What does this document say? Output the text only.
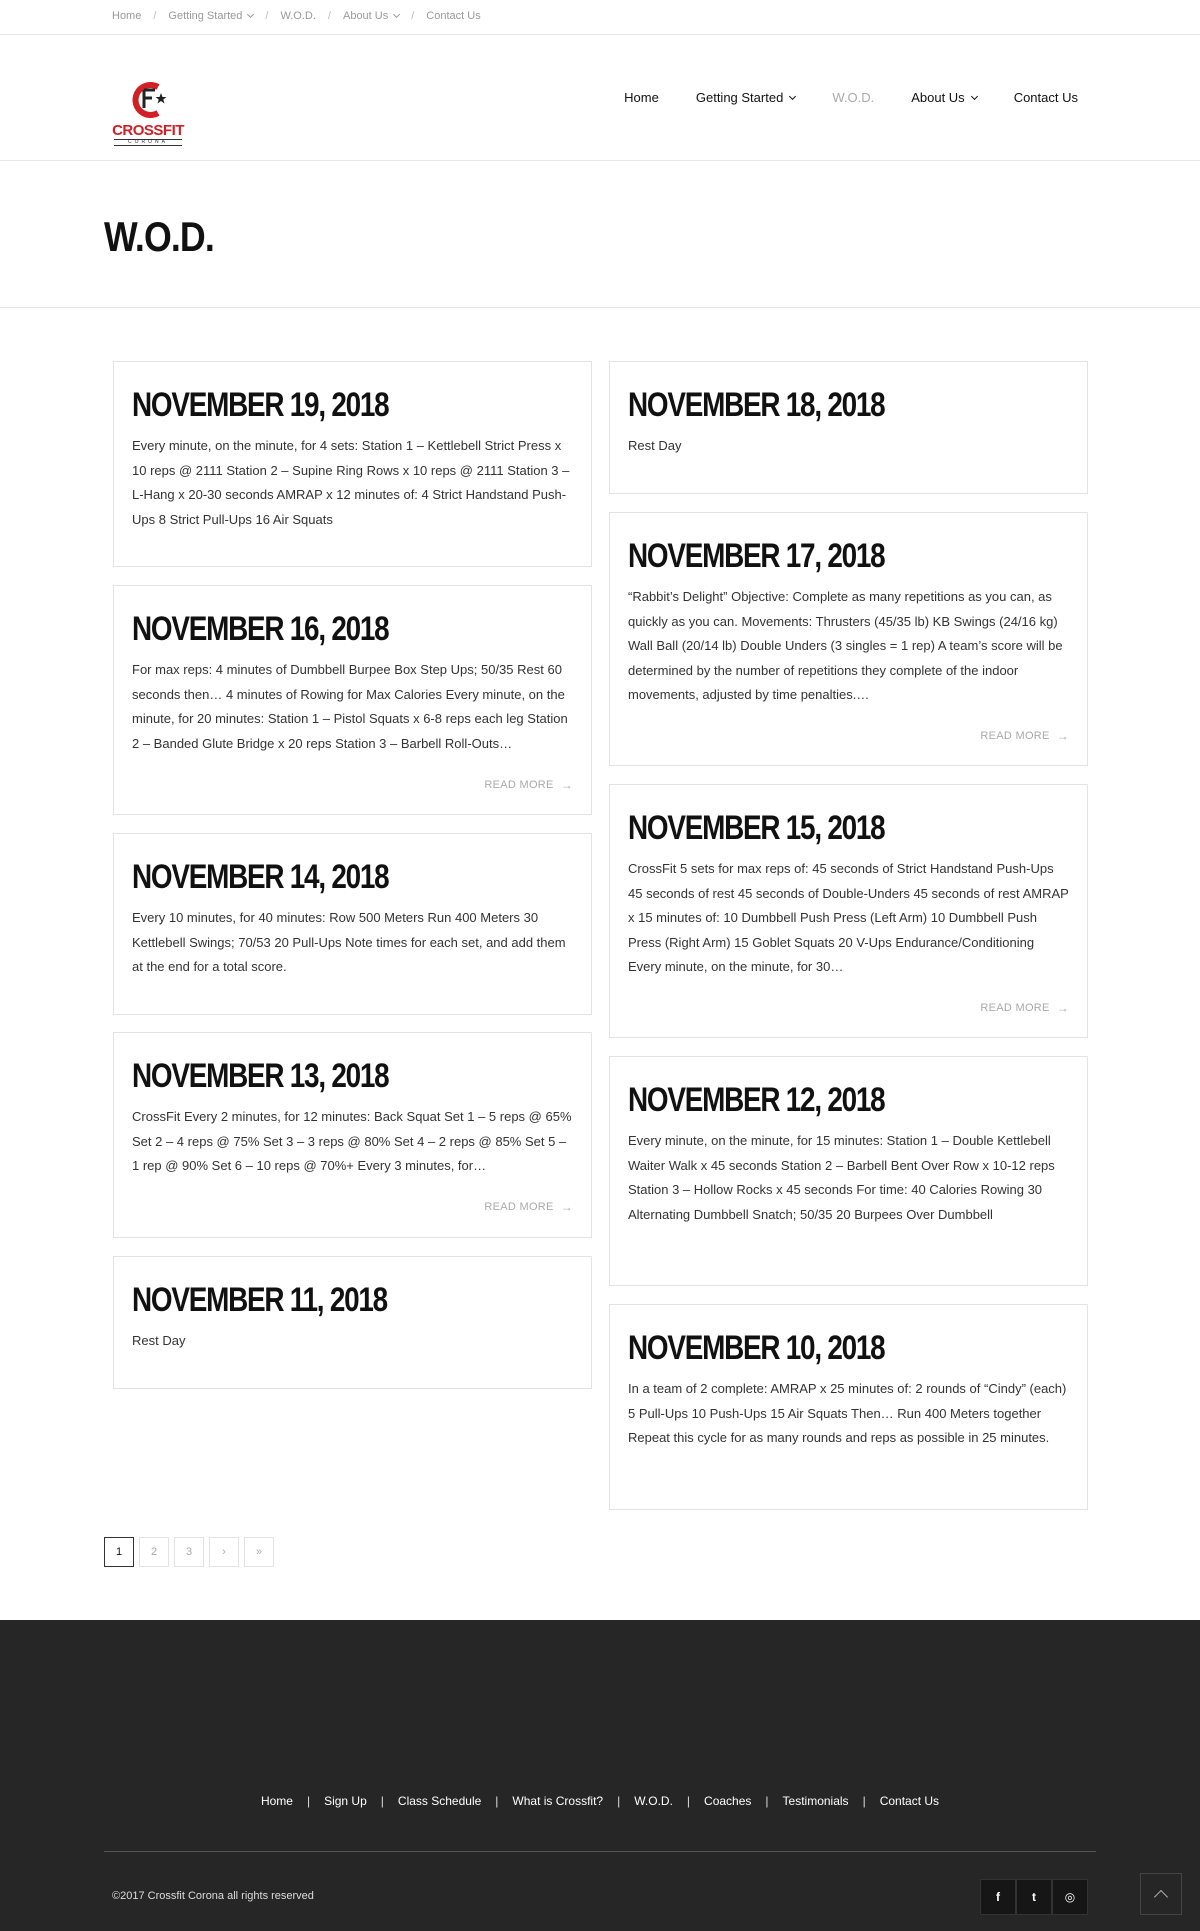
Home / Getting Started / W.O.D. / About Us / Contact Us
CROSSFIT
CORONA
Home	Getting Started	W.O.D.	About Us	Contact Us
W.O.D.
NOVEMBER 19, 2018

Every minute, on the minute, for 4 sets: Station 1 – Kettlebell Strict Press x 10 reps @ 2111 Station 2 – Supine Ring Rows x 10 reps @ 2111 Station 3 – L-Hang x 20-30 seconds AMRAP x 12 minutes of: 4 Strict Handstand Push-Ups 8 Strict Pull-Ups 16 Air Squats

NOVEMBER 16, 2018

For max reps: 4 minutes of Dumbbell Burpee Box Step Ups; 50/35 Rest 60 seconds then… 4 minutes of Rowing for Max Calories Every minute, on the minute, for 20 minutes: Station 1 – Pistol Squats x 6-8 reps each leg Station 2 – Banded Glute Bridge x 20 reps Station 3 – Barbell Roll-Outs…

READ MORE →
NOVEMBER 14, 2018

Every 10 minutes, for 40 minutes: Row 500 Meters Run 400 Meters 30 Kettlebell Swings; 70/53 20 Pull-Ups Note times for each set, and add them at the end for a total score.

NOVEMBER 13, 2018

CrossFit Every 2 minutes, for 12 minutes: Back Squat Set 1 – 5 reps @ 65% Set 2 – 4 reps @ 75% Set 3 – 3 reps @ 80% Set 4 – 2 reps @ 85% Set 5 – 1 rep @ 90% Set 6 – 10 reps @ 70%+ Every 3 minutes, for…

READ MORE →
NOVEMBER 11, 2018

Rest Day

NOVEMBER 18, 2018

Rest Day

NOVEMBER 17, 2018

“Rabbit’s Delight” Objective: Complete as many repetitions as you can, as quickly as you can. Movements: Thrusters (45/35 lb) KB Swings (24/16 kg) Wall Ball (20/14 lb) Double Unders (3 singles = 1 rep) A team’s score will be determined by the number of repetitions they complete of the indoor movements, adjusted by time penalties.…

READ MORE →
NOVEMBER 15, 2018

CrossFit 5 sets for max reps of: 45 seconds of Strict Handstand Push-Ups 45 seconds of rest 45 seconds of Double-Unders 45 seconds of rest AMRAP x 15 minutes of: 10 Dumbbell Push Press (Left Arm) 10 Dumbbell Push Press (Right Arm) 15 Goblet Squats 20 V-Ups Endurance/Conditioning Every minute, on the minute, for 30…

READ MORE →
NOVEMBER 12, 2018

Every minute, on the minute, for 15 minutes: Station 1 – Double Kettlebell Waiter Walk x 45 seconds Station 2 – Barbell Bent Over Row x 10-12 reps Station 3 – Hollow Rocks x 45 seconds For time: 40 Calories Rowing 30 Alternating Dumbbell Snatch; 50/35 20 Burpees Over Dumbbell

NOVEMBER 10, 2018

In a team of 2 complete: AMRAP x 25 minutes of: 2 rounds of “Cindy” (each) 5 Pull-Ups 10 Push-Ups 15 Air Squats Then… Run 400 Meters together Repeat this cycle for as many rounds and reps as possible in 25 minutes.

1	2	3	›	»
Home	|	Sign Up	|	Class Schedule	|	What is Crossfit?	|	W.O.D.	|	Coaches	|	Testimonials	|	Contact Us
©2017 Crossfit Corona all rights reserved	f	t	◎
